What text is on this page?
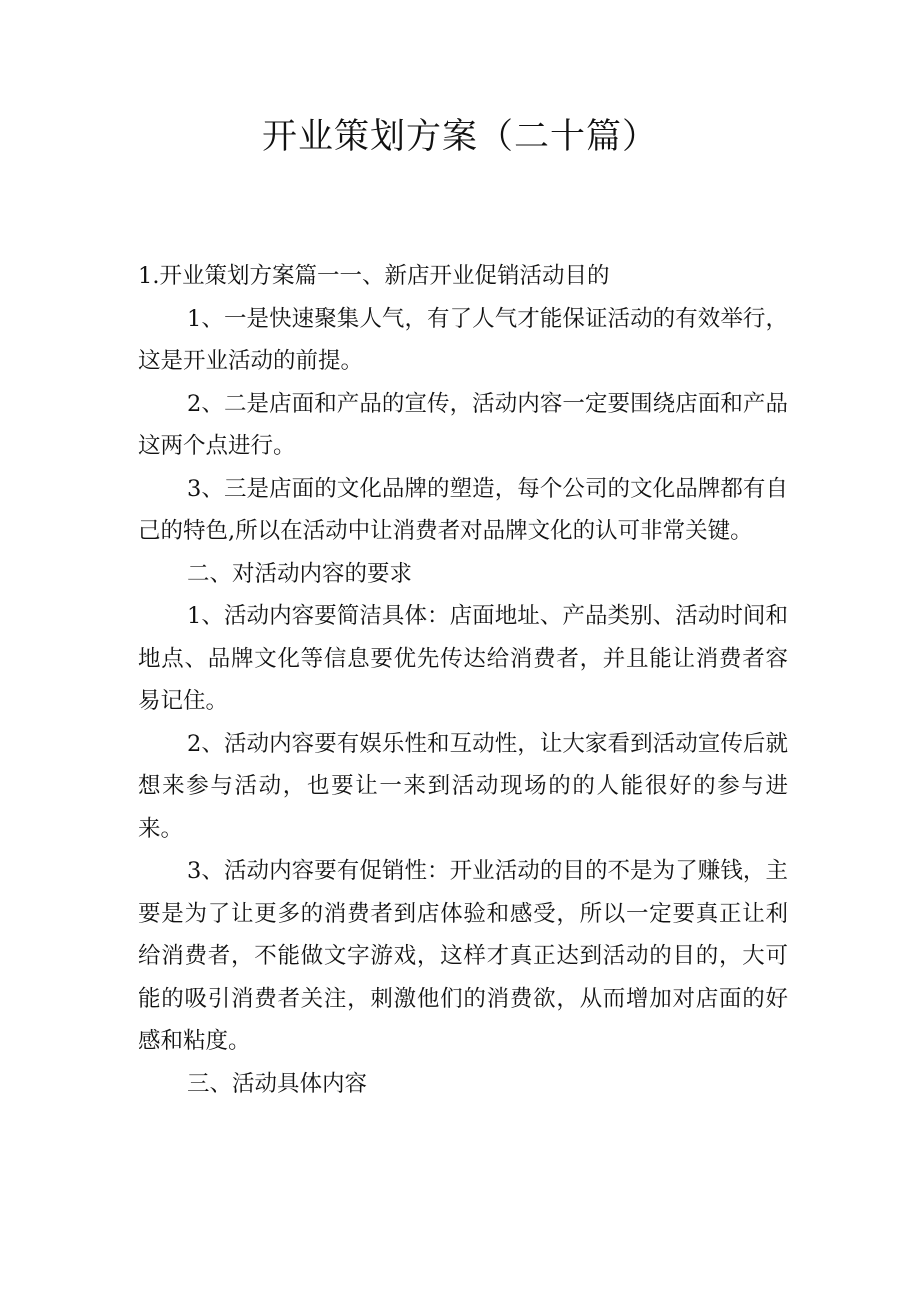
开业策划方案（二十篇）

1.开业策划方案篇一一、新店开业促销活动目的

1、一是快速聚集人气，有了人气才能保证活动的有效举行，这是开业活动的前提。

2、二是店面和产品的宣传，活动内容一定要围绕店面和产品这两个点进行。

3、三是店面的文化品牌的塑造，每个公司的文化品牌都有自己的特色,所以在活动中让消费者对品牌文化的认可非常关键。

二、对活动内容的要求

1、活动内容要简洁具体：店面地址、产品类别、活动时间和地点、品牌文化等信息要优先传达给消费者，并且能让消费者容易记住。

2、活动内容要有娱乐性和互动性，让大家看到活动宣传后就想来参与活动，也要让一来到活动现场的的人能很好的参与进来。

3、活动内容要有促销性：开业活动的目的不是为了赚钱，主要是为了让更多的消费者到店体验和感受，所以一定要真正让利给消费者，不能做文字游戏，这样才真正达到活动的目的，大可能的吸引消费者关注，刺激他们的消费欲，从而增加对店面的好感和粘度。

三、活动具体内容
